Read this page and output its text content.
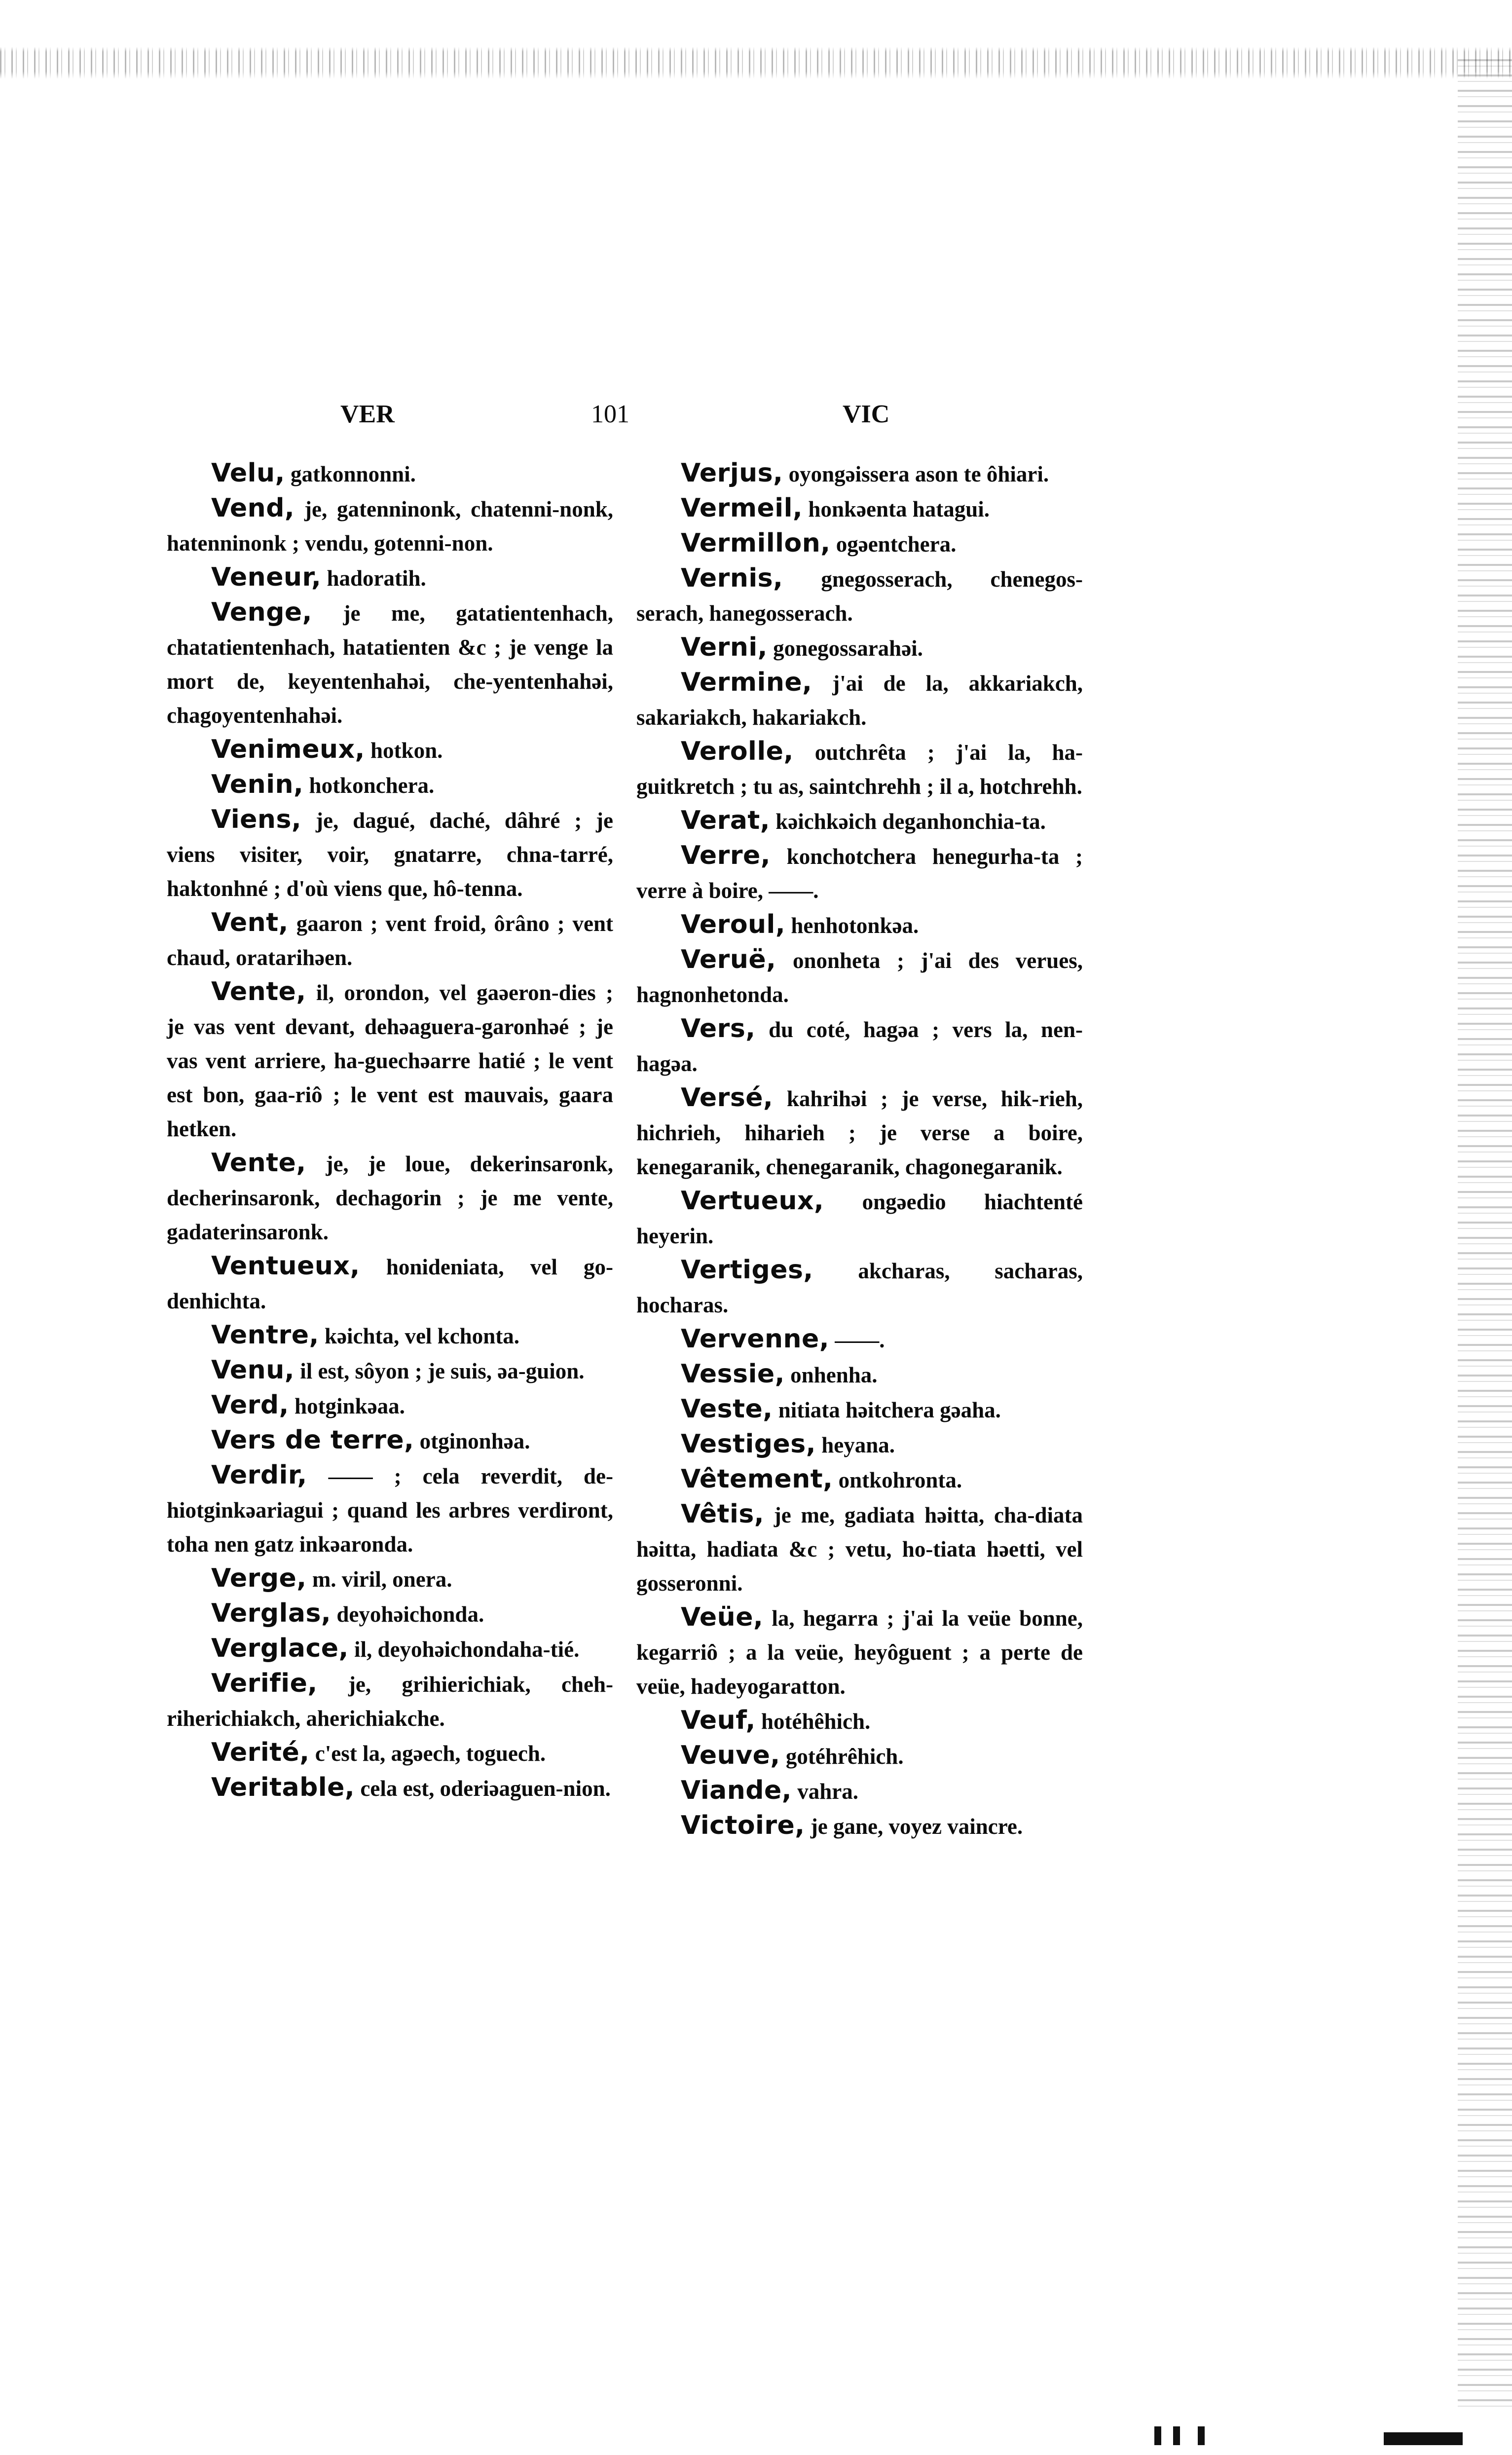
VER	101	VIC

Velu, gatkonnonni.

Vend, je, gatenninonk, chatenni-nonk, hatenninonk ; vendu, gotenni-non.

Veneur, hadoratih.

Venge, je me, gatatientenhach, chatatientenhach, hatatienten &c ; je venge la mort de, keyentenhahəi, che-yentenhahəi, chagoyentenhahəi.

Venimeux, hotkon.

Venin, hotkonchera.

Viens, je, dagué, daché, dâhré ; je viens visiter, voir, gnatarre, chna-tarré, haktonhné ; d'où viens que, hô-tenna.

Vent, gaaron ; vent froid, ôrâno ; vent chaud, oratarihəen.

Vente, il, orondon, vel gaəeron-dies ; je vas vent devant, dehəaguera-garonhəé ; je vas vent arriere, ha-guechəarre hatié ; le vent est bon, gaa-riô ; le vent est mauvais, gaara hetken.

Vente, je, je loue, dekerinsaronk, decherinsaronk, dechagorin ; je me vente, gadaterinsaronk.

Ventueux, honideniata, vel go-denhichta.

Ventre, kəichta, vel kchonta.

Venu, il est, sôyon ; je suis, əa-guion.

Verd, hotginkəaa.

Vers de terre, otginonhəa.

Verdir, —— ; cela reverdit, de-hiotginkəariagui ; quand les arbres verdiront, toha nen gatz inkəaronda.

Verge, m. viril, onera.

Verglas, deyohəichonda.

Verglace, il, deyohəichondaha-tié.

Verifie, je, grihierichiak, cheh-riherichiakch, aherichiakche.

Verité, c'est la, agəech, toguech.

Veritable, cela est, oderiəaguen-nion.

Verjus, oyongəissera ason te ôhiari.

Vermeil, honkəenta hatagui.

Vermillon, ogəentchera.

Vernis, gnegosserach, chenegos-serach, hanegosserach.

Verni, gonegossarahəi.

Vermine, j'ai de la, akkariakch, sakariakch, hakariakch.

Verolle, outchrêta ; j'ai la, ha-guitkretch ; tu as, saintchrehh ; il a, hotchrehh.

Verat, kəichkəich deganhonchia-ta.

Verre, konchotchera henegurha-ta ; verre à boire, ——.

Veroul, henhotonkəa.

Veruë, ononheta ; j'ai des verues, hagnonhetonda.

Vers, du coté, hagəa ; vers la, nen-hagəa.

Versé, kahrihəi ; je verse, hik-rieh, hichrieh, hiharieh ; je verse a boire, kenegaranik, chenegaranik, chagonegaranik.

Vertueux, ongəedio hiachtenté heyerin.

Vertiges, akcharas, sacharas, hocharas.

Vervenne, ——.

Vessie, onhenha.

Veste, nitiata həitchera gəaha.

Vestiges, heyana.

Vêtement, ontkohronta.

Vêtis, je me, gadiata həitta, cha-diata həitta, hadiata &c ; vetu, ho-tiata həetti, vel gosseronni.

Veüe, la, hegarra ; j'ai la veüe bonne, kegarriô ; a la veüe, heyôguent ; a perte de veüe, hadeyogaratton.

Veuf, hotéhêhich.

Veuve, gotéhrêhich.

Viande, vahra.

Victoire, je gane, voyez vaincre.
